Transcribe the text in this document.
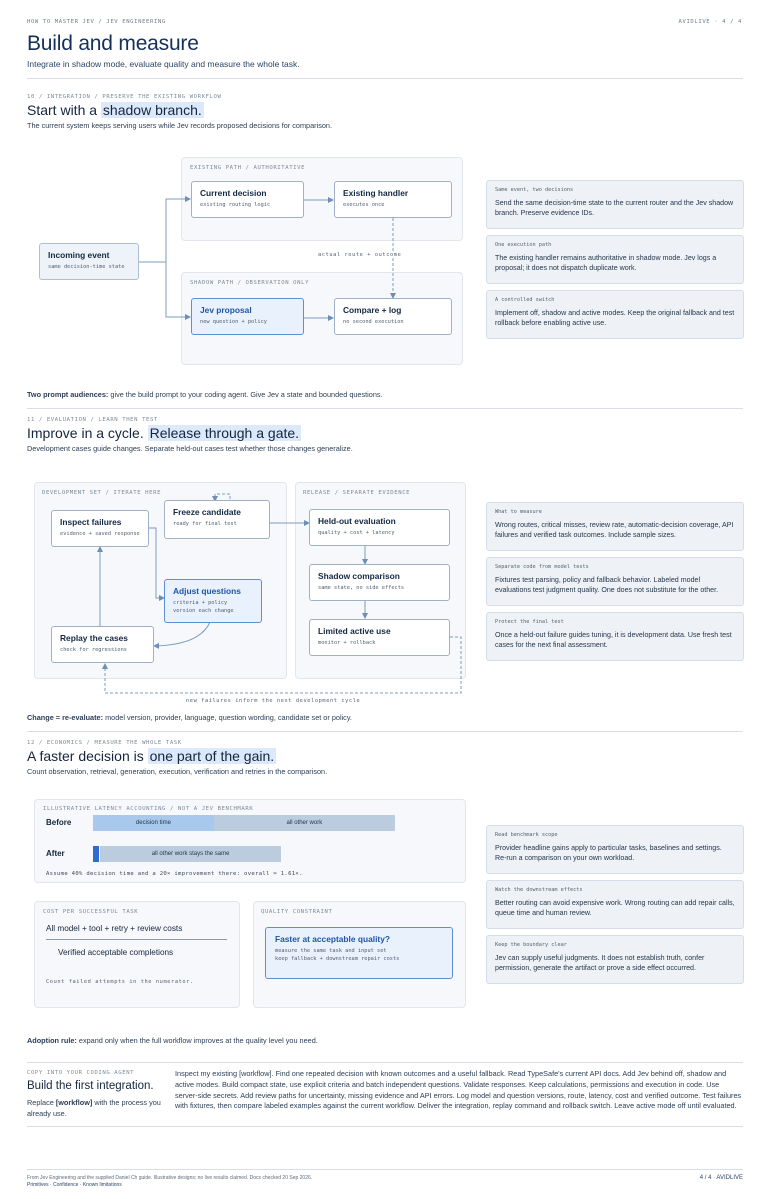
HOW TO MASTER JEV / JEV ENGINEERING	AVIDLIVE · 4 / 4
Build and measure
Integrate in shadow mode, evaluate quality and measure the whole task.
10 / INTEGRATION / PRESERVE THE EXISTING WORKFLOW
Start with a shadow branch.
The current system keeps serving users while Jev records proposed decisions for comparison.
EXISTING PATH / AUTHORITATIVE
SHADOW PATH / OBSERVATION ONLY
actual route + outcome
Incoming event
same decision-time state
Current decision
existing routing logic
Existing handler
executes once
Jev proposal
new question + policy
Compare + log
no second execution
Same event, two decisions
Send the same decision-time state to the current router and the Jev shadow branch. Preserve evidence IDs.
One execution path
The existing handler remains authoritative in shadow mode. Jev logs a proposal; it does not dispatch duplicate work.
A controlled switch
Implement off, shadow and active modes. Keep the original fallback and test rollback before enabling active use.
Two prompt audiences: give the build prompt to your coding agent. Give Jev a state and bounded questions.
11 / EVALUATION / LEARN THEN TEST
Improve in a cycle. Release through a gate.
Development cases guide changes. Separate held-out cases test whether those changes generalize.
DEVELOPMENT SET / ITERATE HERE	RELEASE / SEPARATE EVIDENCE
Inspect failures
evidence + saved response
Freeze candidate
ready for final test
Adjust questions
criteria + policy
version each change
Replay the cases
check for regressions
Held-out evaluation
quality + cost + latency
Shadow comparison
same state, no side effects
Limited active use
monitor + rollback
new failures inform the next development cycle
What to measure
Wrong routes, critical misses, review rate, automatic-decision coverage, API failures and verified task outcomes. Include sample sizes.
Separate code from model tests
Fixtures test parsing, policy and fallback behavior. Labeled model evaluations test judgment quality. One does not substitute for the other.
Protect the final test
Once a held-out failure guides tuning, it is development data. Use fresh test cases for the next final assessment.
Change = re-evaluate: model version, provider, language, question wording, candidate set or policy.
12 / ECONOMICS / MEASURE THE WHOLE TASK
A faster decision is one part of the gain.
Count observation, retrieval, generation, execution, verification and retries in the comparison.
ILLUSTRATIVE LATENCY ACCOUNTING / NOT A JEV BENCHMARK
Before
After
decision time	all other work
all other work stays the same
Assume 40% decision time and a 20× improvement there: overall ≈ 1.61×.
COST PER SUCCESSFUL TASK
All model + tool + retry + review costs
Verified acceptable completions
Count failed attempts in the numerator.
QUALITY CONSTRAINT
Faster at acceptable quality?
measure the same task and input set
keep fallback + downstream repair costs
Read benchmark scope
Provider headline gains apply to particular tasks, baselines and settings. Re-run a comparison on your own workload.
Watch the downstream effects
Better routing can avoid expensive work. Wrong routing can add repair calls, queue time and human review.
Keep the boundary clear
Jev can supply useful judgments. It does not establish truth, confer permission, generate the artifact or prove a side effect occurred.
Adoption rule: expand only when the full workflow improves at the quality level you need.
COPY INTO YOUR CODING AGENT
Build the first integration.
Replace [workflow] with the process you already use.
Inspect my existing [workflow]. Find one repeated decision with known outcomes and a useful fallback. Read TypeSafe's current API docs. Add Jev behind off, shadow and active modes. Build compact state, use explicit criteria and batch independent questions. Validate responses. Keep calculations, permissions and execution in code. Use server-side secrets. Add review paths for uncertainty, missing evidence and API errors. Log model and question versions, route, latency, cost and verified outcome. Test failures with fixtures, then compare labeled examples against the current workflow. Deliver the integration, replay command and rollback switch. Leave active mode off until evaluated.
From Jev Engineering and the supplied Daniel Ch guide. Illustrative designs; no live results claimed. Docs checked 20 Sep 2026.
Primitives · Confidence · Known limitations
4 / 4 · AVIDLIVE
